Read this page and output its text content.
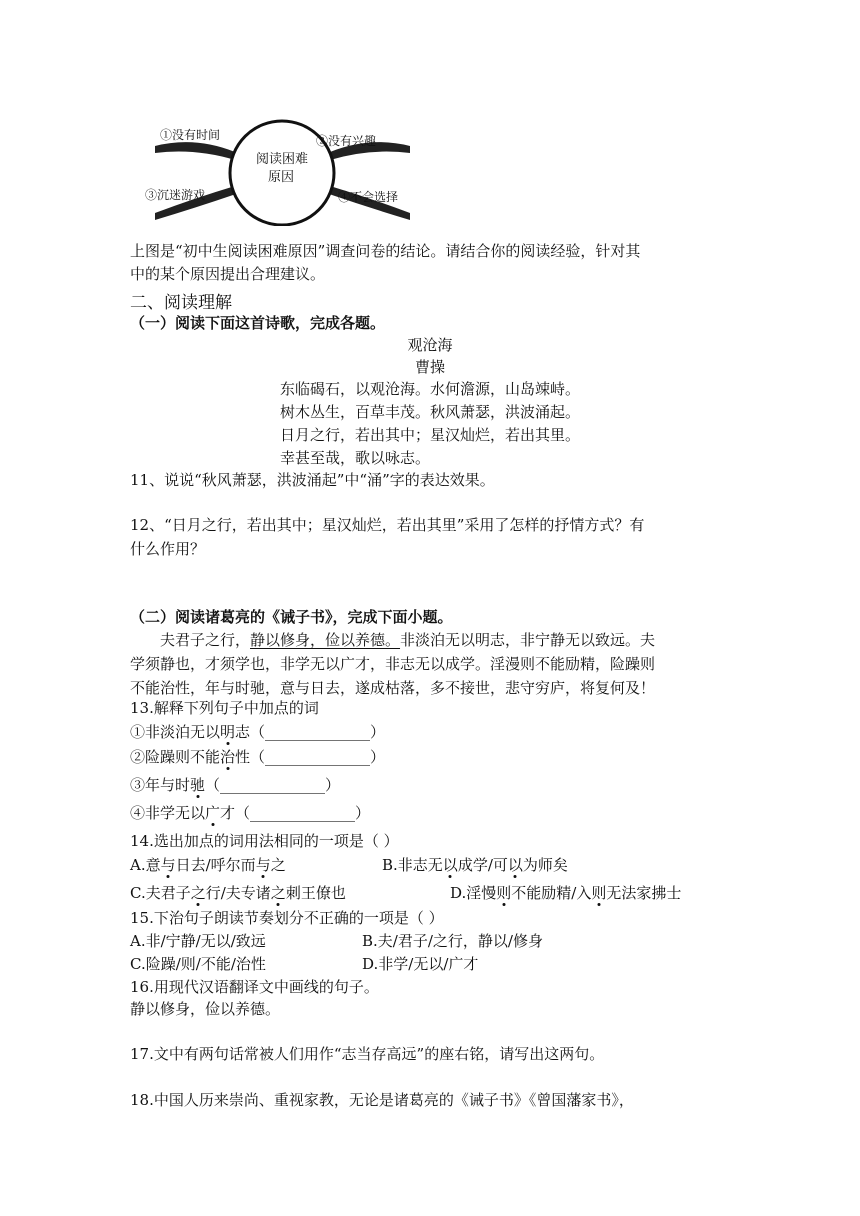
①没有时间	②没有兴趣
③沉迷游戏	④不会选择
阅读困难
原因
上图是“初中生阅读困难原因”调查问卷的结论。请结合你的阅读经验，针对其
中的某个原因提出合理建议。
二、阅读理解
（一）阅读下面这首诗歌，完成各题。
观沧海
曹操
东临碣石，以观沧海。水何澹源，山岛竦峙。
树木丛生，百草丰茂。秋风萧瑟，洪波涌起。
日月之行，若出其中；星汉灿烂，若出其里。
幸甚至哉，歌以咏志。
11、说说“秋风萧瑟，洪波涌起”中“涌”字的表达效果。
12、“日月之行，若出其中；星汉灿烂，若出其里”采用了怎样的抒情方式？有
什么作用？
（二）阅读诸葛亮的《诫子书》，完成下面小题。
夫君子之行，静以修身，俭以养德。非淡泊无以明志，非宁静无以致远。夫
学须静也，才须学也，非学无以广才，非志无以成学。淫漫则不能励精，险躁则
不能治性，年与时驰，意与日去，遂成枯落，多不接世，悲守穷庐，将复何及！
13.解释下列句子中加点的词
①非淡泊无以明志（______________）
②险躁则不能治性（______________）
③年与时驰（______________）
④非学无以广才（______________）
14.选出加点的词用法相同的一项是（ ）
A.意与日去/呼尔而与之	B.非志无以成学/可以为师矣
C.夫君子之行/夫专诸之刺王僚也	D.淫慢则不能励精/入则无法家拂士
15.下治句子朗读节奏划分不正确的一项是（ ）
A.非/宁静/无以/致远	B.夫/君子/之行，静以/修身
C.险躁/则/不能/治性	D.非学/无以/广才
16.用现代汉语翻译文中画线的句子。
静以修身，俭以养德。
17.文中有两句话常被人们用作“志当存高远”的座右铭，请写出这两句。
18.中国人历来崇尚、重视家教，无论是诸葛亮的《诫子书》《曾国藩家书》，
